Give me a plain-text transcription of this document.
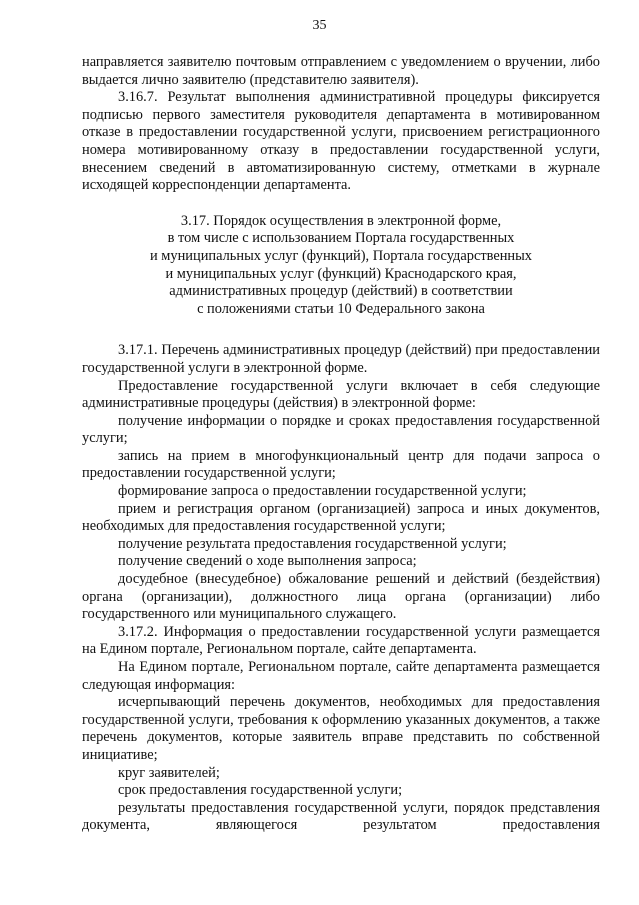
35

направляется заявителю почтовым отправлением с уведомлением о вручении, либо выдается лично заявителю (представителю заявителя).

3.16.7. Результат выполнения административной процедуры фиксируется подписью первого заместителя руководителя департамента в мотивированном отказе в предоставлении государственной услуги, присвоением регистрационного номера мотивированному отказу в предоставлении государственной услуги, внесением сведений в автоматизированную систему, отметками в журнале исходящей корреспонденции департамента.

3.17. Порядок осуществления в электронной форме,
в том числе с использованием Портала государственных
и муниципальных услуг (функций), Портала государственных
и муниципальных услуг (функций) Краснодарского края,
административных процедур (действий) в соответствии
с положениями статьи 10 Федерального закона

3.17.1. Перечень административных процедур (действий) при предоставлении государственной услуги в электронной форме.

Предоставление государственной услуги включает в себя следующие административные процедуры (действия) в электронной форме:

получение информации о порядке и сроках предоставления государственной услуги;

запись на прием в многофункциональный центр для подачи запроса о предоставлении государственной услуги;

формирование запроса о предоставлении государственной услуги;

прием и регистрация органом (организацией) запроса и иных документов, необходимых для предоставления государственной услуги;

получение результата предоставления государственной услуги;

получение сведений о ходе выполнения запроса;

досудебное (внесудебное) обжалование решений и действий (бездействия) органа (организации), должностного лица органа (организации) либо государственного или муниципального служащего.

3.17.2. Информация о предоставлении государственной услуги размещается на Едином портале, Региональном портале, сайте департамента.

На Едином портале, Региональном портале, сайте департамента размещается следующая информация:

исчерпывающий перечень документов, необходимых для предоставления государственной услуги, требования к оформлению указанных документов, а также перечень документов, которые заявитель вправе представить по собственной инициативе;

круг заявителей;

срок предоставления государственной услуги;

результаты предоставления государственной услуги, порядок представления документа, являющегося результатом предоставления
